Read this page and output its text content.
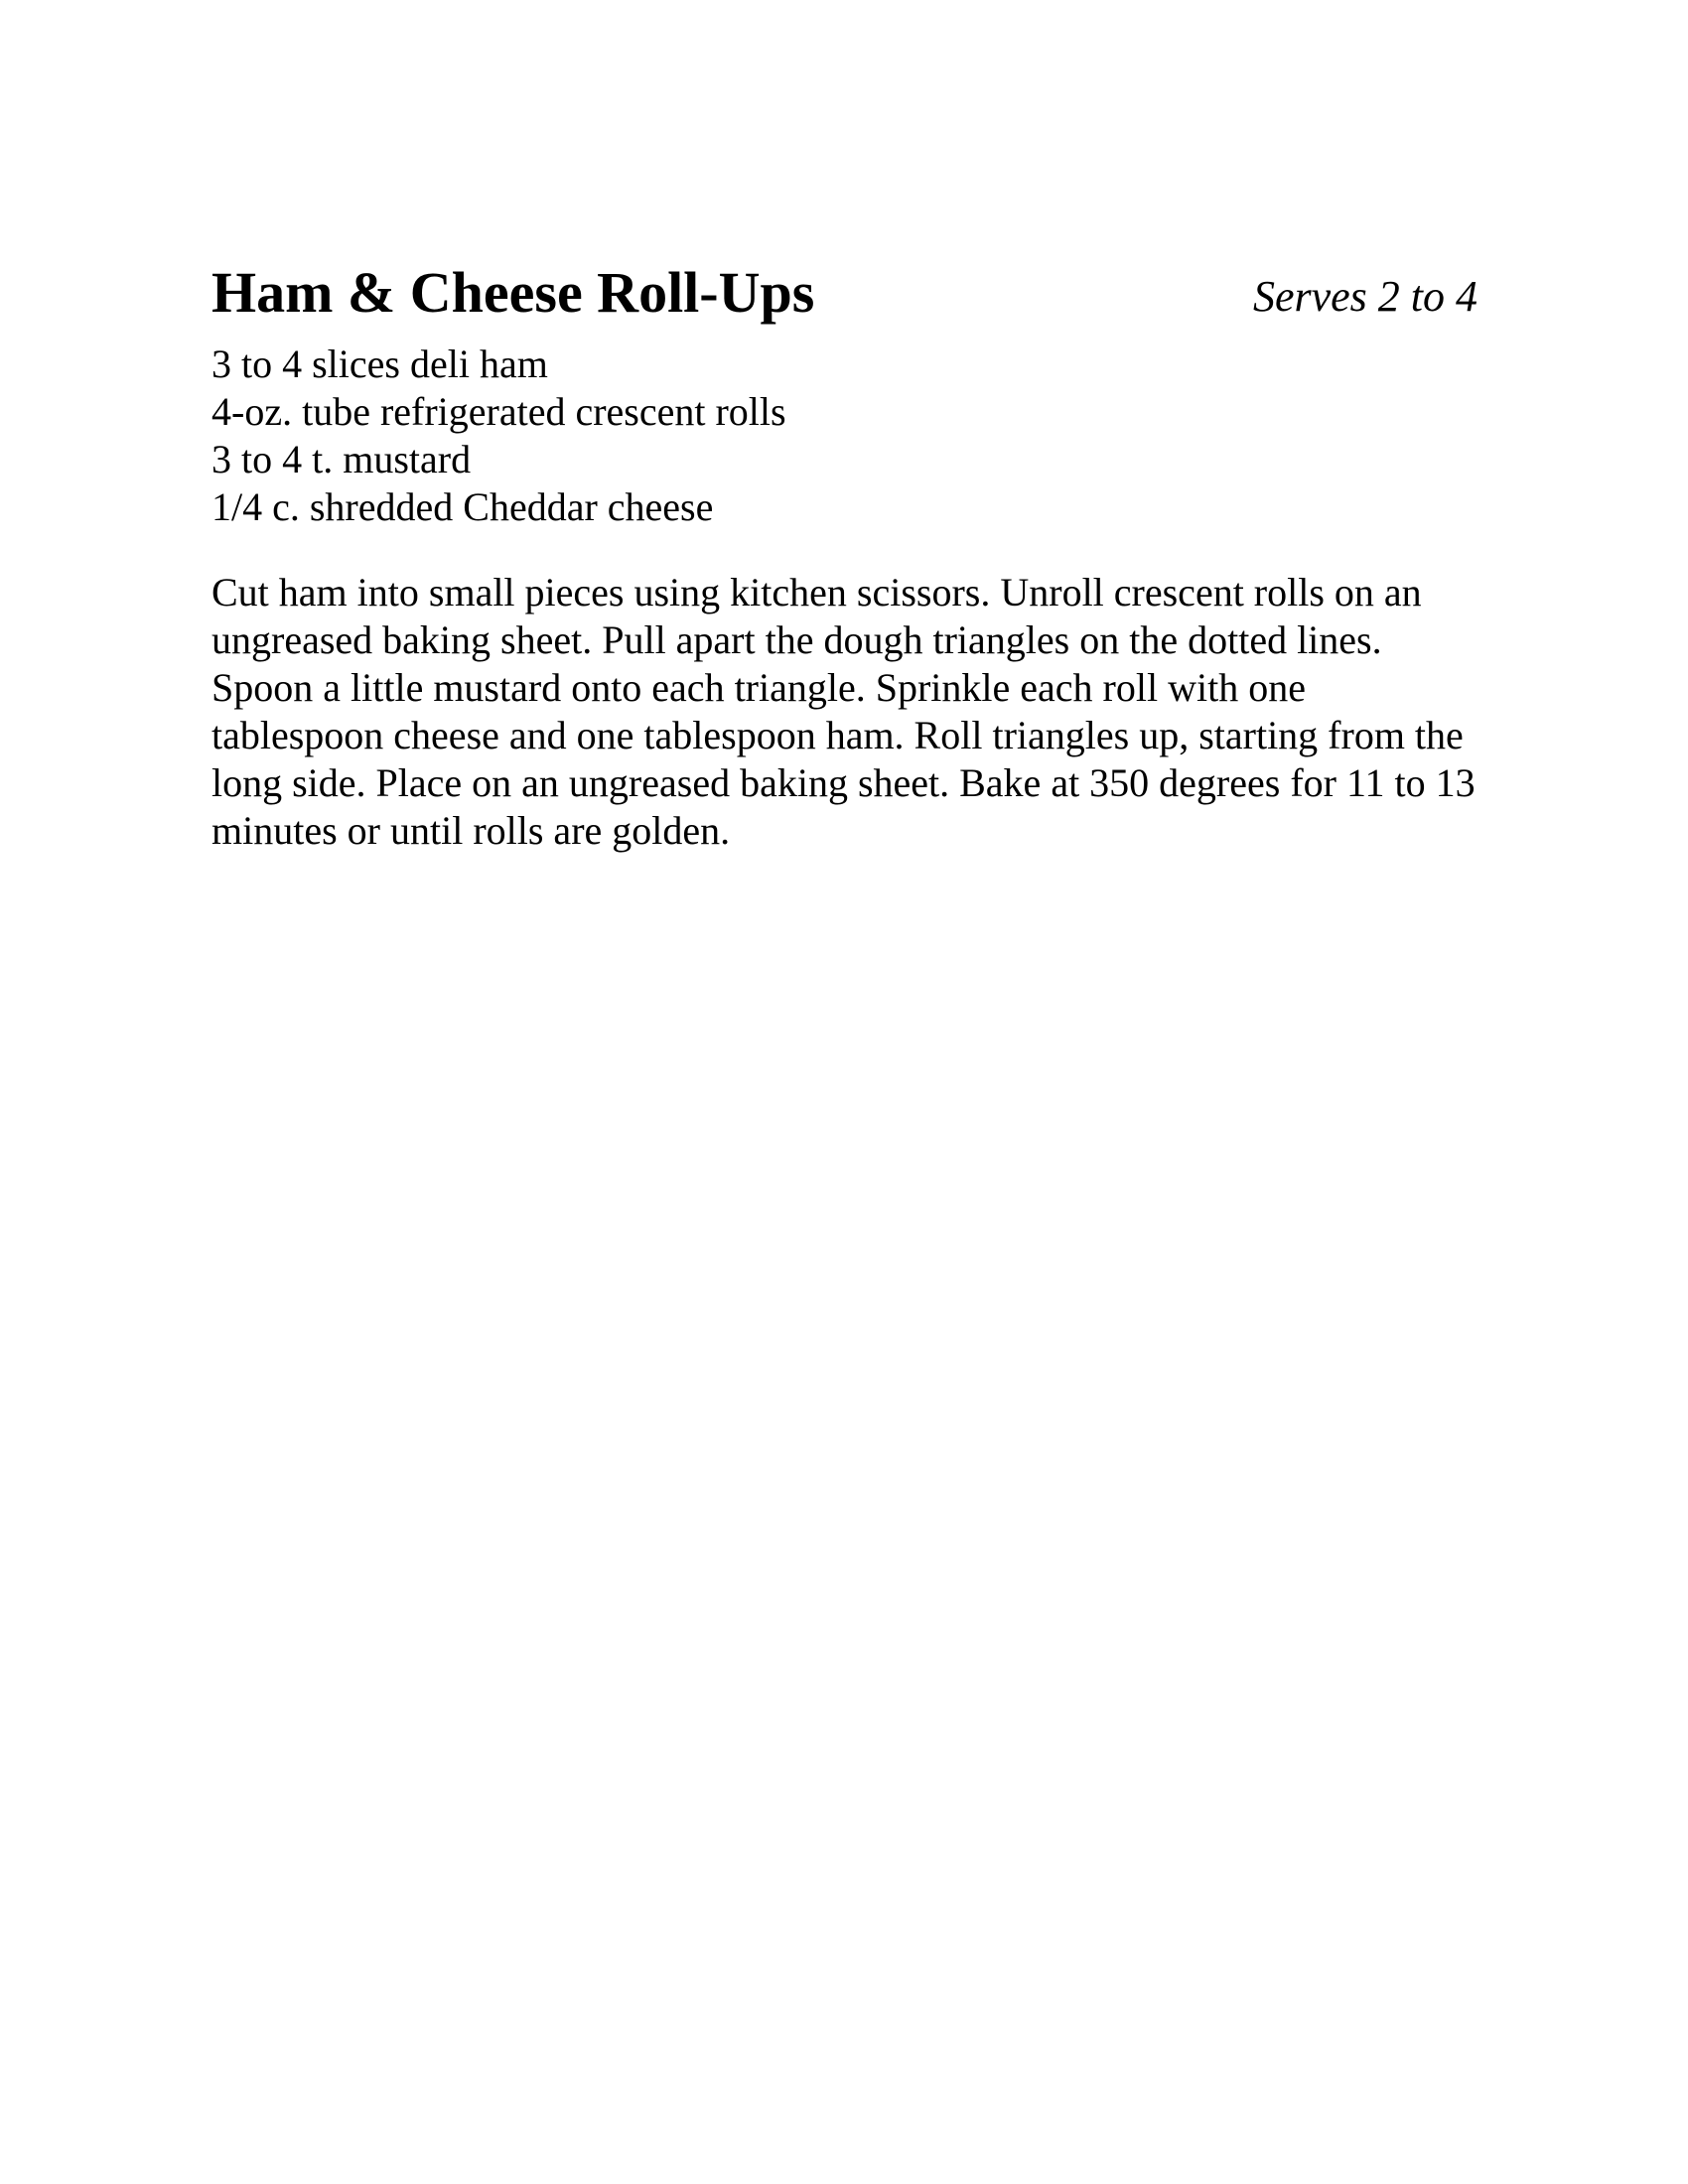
Ham & Cheese Roll-Ups	Serves 2 to 4

3 to 4 slices deli ham
4-oz. tube refrigerated crescent rolls
3 to 4 t. mustard
1/4 c. shredded Cheddar cheese

Cut ham into small pieces using kitchen scissors. Unroll crescent rolls on an ungreased baking sheet. Pull apart the dough triangles on the dotted lines. Spoon a little mustard onto each triangle. Sprinkle each roll with one tablespoon cheese and one tablespoon ham. Roll triangles up, starting from the long side. Place on an ungreased baking sheet. Bake at 350 degrees for 11 to 13 minutes or until rolls are golden.
